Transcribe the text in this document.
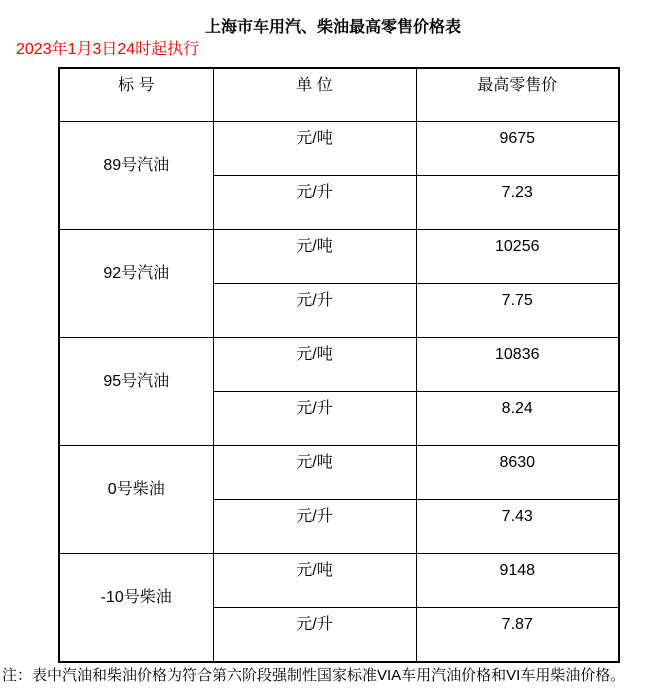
上海市车用汽、柴油最高零售价格表
2023年1月3日24时起执行
标 号	单 位	最高零售价
89号汽油	元/吨	9675
	元/升	7.23
92号汽油	元/吨	10256
	元/升	7.75
95号汽油	元/吨	10836
	元/升	8.24
0号柴油	元/吨	8630
	元/升	7.43
-10号柴油	元/吨	9148
	元/升	7.87
注：表中汽油和柴油价格为符合第六阶段强制性国家标准VIA车用汽油价格和VI车用柴油价格。
